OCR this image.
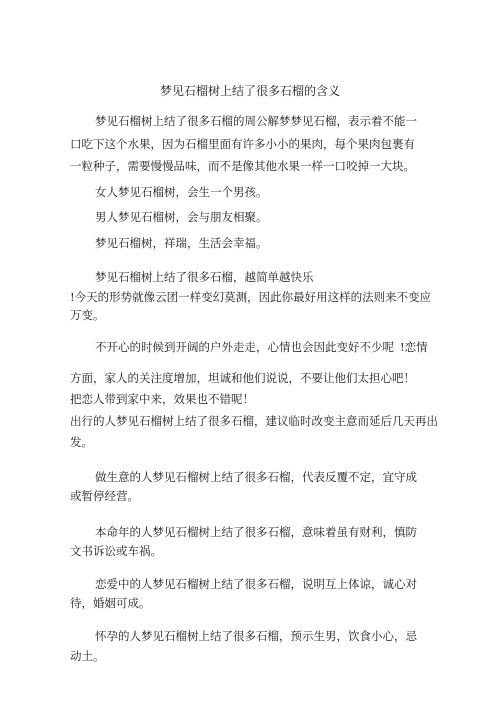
梦见石榴树上结了很多石榴的含义
梦见石榴树上结了很多石榴的周公解梦梦见石榴，表示着不能一
口吃下这个水果，因为石榴里面有许多小小的果肉，每个果肉包裹有
一粒种子，需要慢慢品味，而不是像其他水果一样一口咬掉一大块。
女人梦见石榴树，会生一个男孩。
男人梦见石榴树，会与朋友相聚。
梦见石榴树，祥瑞，生活会幸福。
梦见石榴树上结了很多石榴，越简单越快乐
!今天的形势就像云团一样变幻莫测，因此你最好用这样的法则来不变应
万变。
不开心的时候到开阔的户外走走，心情也会因此变好不少呢 !恋情
方面，家人的关注度增加，坦诚和他们说说，不要让他们太担心吧！
把恋人带到家中来，效果也不错呢！
出行的人梦见石榴树上结了很多石榴，建议临时改变主意而延后几天再出
发。
做生意的人梦见石榴树上结了很多石榴，代表反覆不定，宜守成
或暂停经营。
本命年的人梦见石榴树上结了很多石榴，意味着虽有财利，慎防
文书诉讼或车祸。
恋爱中的人梦见石榴树上结了很多石榴，说明互上体谅，诚心对
待，婚姻可成。
怀孕的人梦见石榴树上结了很多石榴，预示生男，饮食小心，忌
动土。
